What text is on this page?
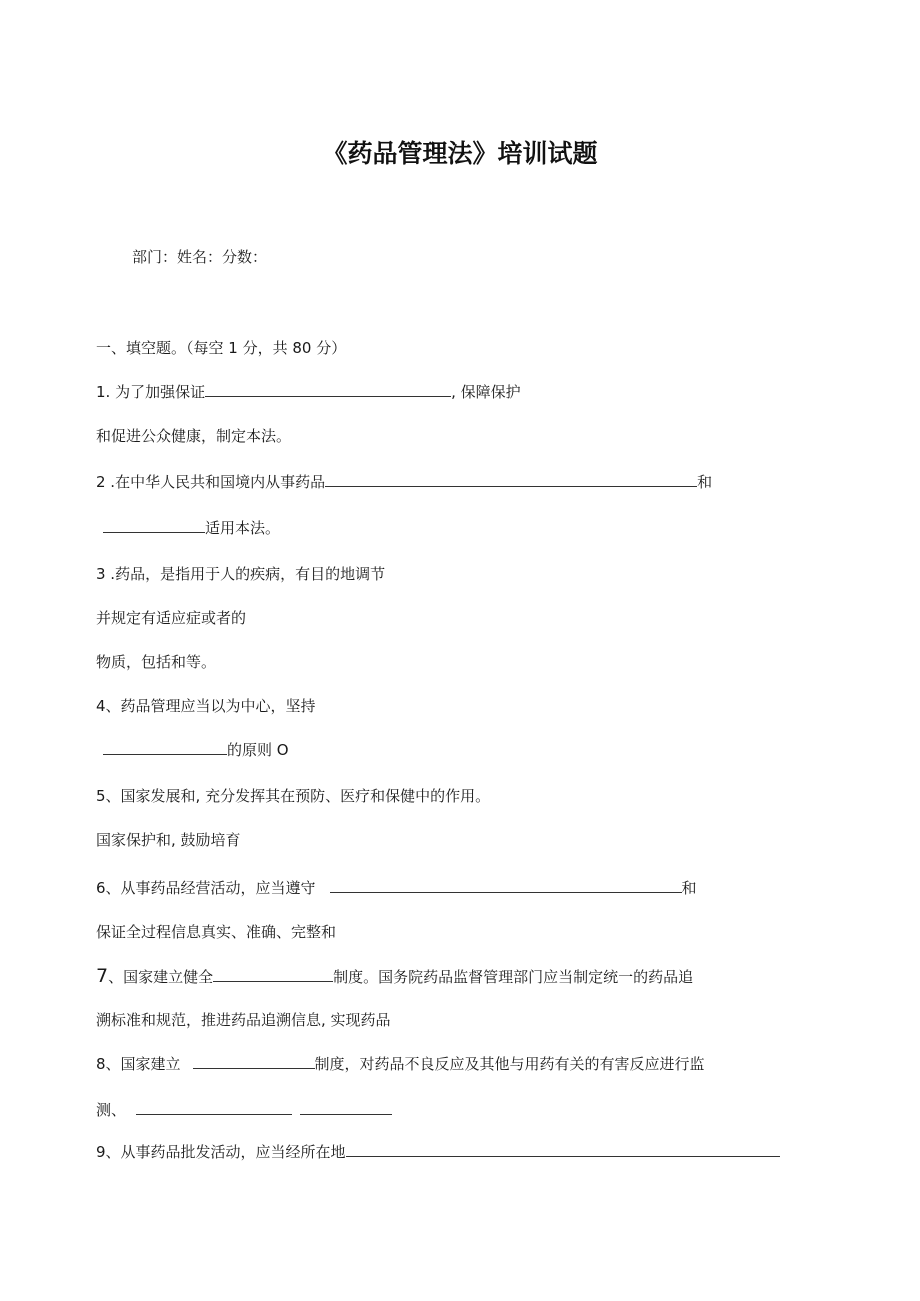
《药品管理法》培训试题
部门：姓名：分数：
一、填空题。（每空 1 分，共 80 分）
1. 为了加强保证	, 保障保护
和促进公众健康，制定本法。
2 .在中华人民共和国境内从事药品	和
适用本法。
3 .药品，是指用于人的疾病，有目的地调节
并规定有适应症或者的
物质，包括和等。
4、药品管理应当以为中心，坚持
的原则 O
5、国家发展和, 充分发挥其在预防、医疗和保健中的作用。
国家保护和, 鼓励培育
6、从事药品经营活动，应当遵守	和
保证全过程信息真实、准确、完整和
7、国家建立健全	制度。国务院药品监督管理部门应当制定统一的药品追
溯标准和规范，推进药品追溯信息, 实现药品
8、国家建立	制度，对药品不良反应及其他与用药有关的有害反应进行监
测、
9、从事药品批发活动，应当经所在地
